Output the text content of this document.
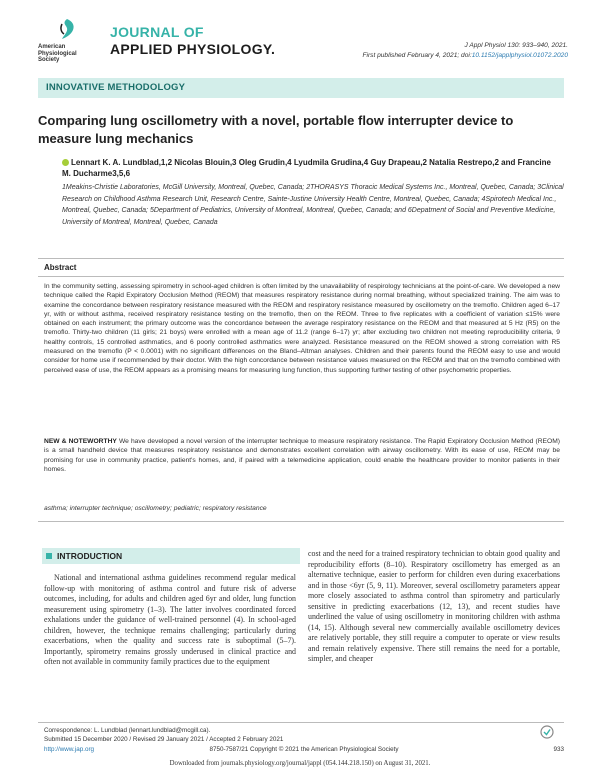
American Physiological Society
JOURNAL OF
APPLIED PHYSIOLOGY.	J Appl Physiol 130: 933–940, 2021.
First published February 4, 2021; doi:10.1152/japplphysiol.01072.2020
INNOVATIVE METHODOLOGY
Comparing lung oscillometry with a novel, portable flow interrupter device to measure lung mechanics
Lennart K. A. Lundblad,1,2 Nicolas Blouin,3 Oleg Grudin,4 Lyudmila Grudina,4 Guy Drapeau,2 Natalia Restrepo,2 and Francine M. Ducharme3,5,6
1Meakins-Christie Laboratories, McGill University, Montreal, Quebec, Canada; 2THORASYS Thoracic Medical Systems Inc., Montreal, Quebec, Canada; 3Clinical Research on Childhood Asthma Research Unit, Research Centre, Sainte-Justine University Health Centre, Montreal, Quebec, Canada; 4Spirotech Medical Inc., Montreal, Quebec, Canada; 5Department of Pediatrics, University of Montreal, Montreal, Quebec, Canada; and 6Depatment of Social and Preventive Medicine, University of Montreal, Montreal, Quebec, Canada
Abstract
In the community setting, assessing spirometry in school-aged children is often limited by the unavailability of respirology technicians at the point-of-care. We developed a new technique called the Rapid Expiratory Occlusion Method (REOM) that measures respiratory resistance during normal breathing, without specialized training. The aim was to examine the concordance between respiratory resistance measured with the REOM and respiratory resistance measured by oscillometry on the tremoflo. Children aged 6–17 yr, with or without asthma, received respiratory resistance testing on the tremoflo, then on the REOM. Three to five replicates with a coefficient of variation ≤15% were obtained on each instrument; the primary outcome was the concordance between the average respiratory resistance on the REOM and that measured at 5 Hz (R5) on the tremoflo. Thirty-two children (11 girls; 21 boys) were enrolled with a mean age of 11.2 (range 6–17) yr; after excluding two children not meeting reproducibility criteria, 9 healthy controls, 15 controlled asthmatics, and 6 poorly controlled asthmatics were analyzed. Resistance measured on the REOM showed a strong correlation with R5 measured on the tremoflo (P < 0.0001) with no significant differences on the Bland–Altman analyses. Children and their parents found the REOM easy to use and would consider for home use if recommended by their doctor. With the high concordance between resistance values measured on the REOM and that on the tremoflo combined with perceived ease of use, the REOM appears as a promising means for measuring lung function, thus supporting further testing of other psychometric properties.
NEW & NOTEWORTHY We have developed a novel version of the interrupter technique to measure respiratory resistance. The Rapid Expiratory Occlusion Method (REOM) is a small handheld device that measures respiratory resistance and demonstrates excellent correlation with airway oscillometry. With its ease of use, REOM may be promising for use in community practice, patient's homes, and, if paired with a telemedicine application, could enable the healthcare provider to monitor patients in their homes.
asthma; interrupter technique; oscillometry; pediatric; respiratory resistance
INTRODUCTION
National and international asthma guidelines recommend regular medical follow-up with monitoring of asthma control and future risk of adverse outcomes, including, for adults and children aged 6yr and older, lung function measurement using spirometry (1–3). The latter involves coordinated forced exhalations under the guidance of well-trained personnel (4). In school-aged children, however, the technique remains challenging; particularly during exacerbations, when the quality and success rate is suboptimal (5–7). Importantly, spirometry remains grossly underused in clinical practice and often not available in community family practices due to the equipment
cost and the need for a trained respiratory technician to obtain good quality and reproducibility efforts (8–10). Respiratory oscillometry has emerged as an alternative technique, easier to perform for children even during exacerbations and in those <6yr (5, 9, 11). Moreover, several oscillometry parameters appear more closely associated to asthma control than spirometry and particularly sensitive in predicting exacerbations (12, 13), and recent studies have underlined the value of using oscillometry in monitoring children with asthma (14, 15). Although several new commercially available oscillometry devices are relatively portable, they still require a computer to operate or view results and remain relatively expensive. There still remains the need for a portable, simpler, and cheaper
Correspondence: L. Lundblad (lennart.lundblad@mcgill.ca).
Submitted 15 December 2020 / Revised 29 January 2021 / Accepted 2 February 2021
http://www.jap.org	8750-7587/21 Copyright © 2021 the American Physiological Society	933
Downloaded from journals.physiology.org/journal/jappl (054.144.218.150) on August 31, 2021.
